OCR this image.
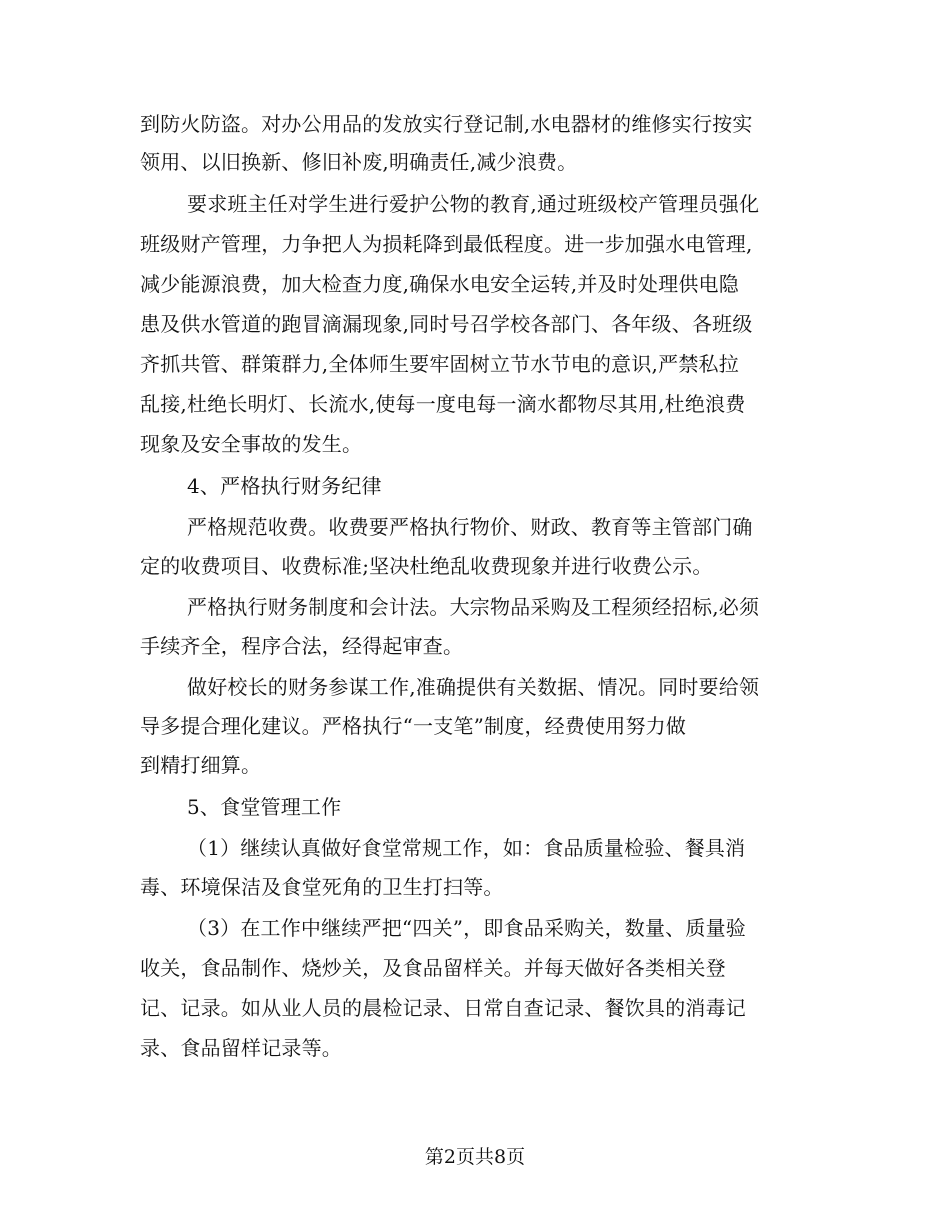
到防火防盗。对办公用品的发放实行登记制,水电器材的维修实行按实
领用、以旧换新、修旧补废,明确责任,减少浪费。
要求班主任对学生进行爱护公物的教育,通过班级校产管理员强化
班级财产管理，力争把人为损耗降到最低程度。进一步加强水电管理,
减少能源浪费，加大检查力度,确保水电安全运转,并及时处理供电隐
患及供水管道的跑冒滴漏现象,同时号召学校各部门、各年级、各班级
齐抓共管、群策群力,全体师生要牢固树立节水节电的意识,严禁私拉
乱接,杜绝长明灯、长流水,使每一度电每一滴水都物尽其用,杜绝浪费
现象及安全事故的发生。
4、严格执行财务纪律
严格规范收费。收费要严格执行物价、财政、教育等主管部门确
定的收费项目、收费标准;坚决杜绝乱收费现象并进行收费公示。
严格执行财务制度和会计法。大宗物品采购及工程须经招标,必须
手续齐全，程序合法，经得起审查。
做好校长的财务参谋工作,准确提供有关数据、情况。同时要给领
导多提合理化建议。严格执行“一支笔”制度，经费使用努力做
到精打细算。
5、食堂管理工作
（1）继续认真做好食堂常规工作，如：食品质量检验、餐具消
毒、环境保洁及食堂死角的卫生打扫等。
（3）在工作中继续严把“四关”，即食品采购关，数量、质量验
收关，食品制作、烧炒关，及食品留样关。并每天做好各类相关登
记、记录。如从业人员的晨检记录、日常自查记录、餐饮具的消毒记
录、食品留样记录等。
第2页共8页
